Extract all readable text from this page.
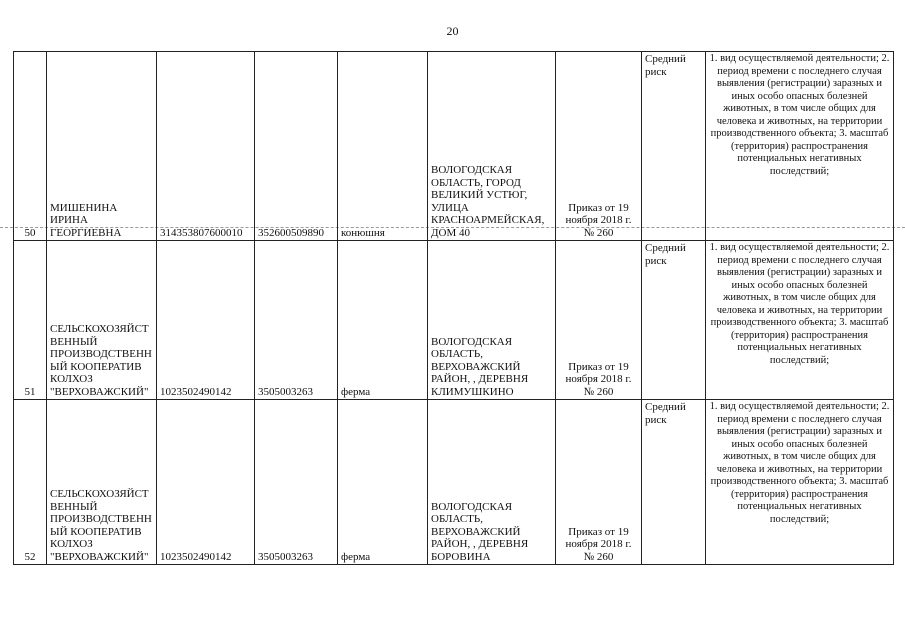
20
50	МИШЕНИНА ИРИНА ГЕОРГИЕВНА	314353807600010	352600509890	конюшня	ВОЛОГОДСКАЯ ОБЛАСТЬ, ГОРОД ВЕЛИКИЙ УСТЮГ, УЛИЦА КРАСНОАРМЕЙСКАЯ, ДОМ 40	Приказ от 19 ноября 2018 г. № 260	Средний риск	1. вид осуществляемой деятельности; 2. период времени с последнего случая выявления (регистрации) заразных и иных особо опасных болезней животных, в том числе общих для человека и животных, на территории производственного объекта; 3. масштаб (территория) распространения потенциальных негативных последствий;
51	СЕЛЬСКОХОЗЯЙСТ ВЕННЫЙ ПРОИЗВОДСТВЕНН ЫЙ КООПЕРАТИВ КОЛХОЗ "ВЕРХОВАЖСКИЙ"	1023502490142	3505003263	ферма	ВОЛОГОДСКАЯ ОБЛАСТЬ, ВЕРХОВАЖСКИЙ РАЙОН, , ДЕРЕВНЯ КЛИМУШКИНО	Приказ от 19 ноября 2018 г. № 260	Средний риск	1. вид осуществляемой деятельности; 2. период времени с последнего случая выявления (регистрации) заразных и иных особо опасных болезней животных, в том числе общих для человека и животных, на территории производственного объекта; 3. масштаб (территория) распространения потенциальных негативных последствий;
52	СЕЛЬСКОХОЗЯЙСТ ВЕННЫЙ ПРОИЗВОДСТВЕНН ЫЙ КООПЕРАТИВ КОЛХОЗ "ВЕРХОВАЖСКИЙ"	1023502490142	3505003263	ферма	ВОЛОГОДСКАЯ ОБЛАСТЬ, ВЕРХОВАЖСКИЙ РАЙОН, , ДЕРЕВНЯ БОРОВИНА	Приказ от 19 ноября 2018 г. № 260	Средний риск	1. вид осуществляемой деятельности; 2. период времени с последнего случая выявления (регистрации) заразных и иных особо опасных болезней животных, в том числе общих для человека и животных, на территории производственного объекта; 3. масштаб (территория) распространения потенциальных негативных последствий;
